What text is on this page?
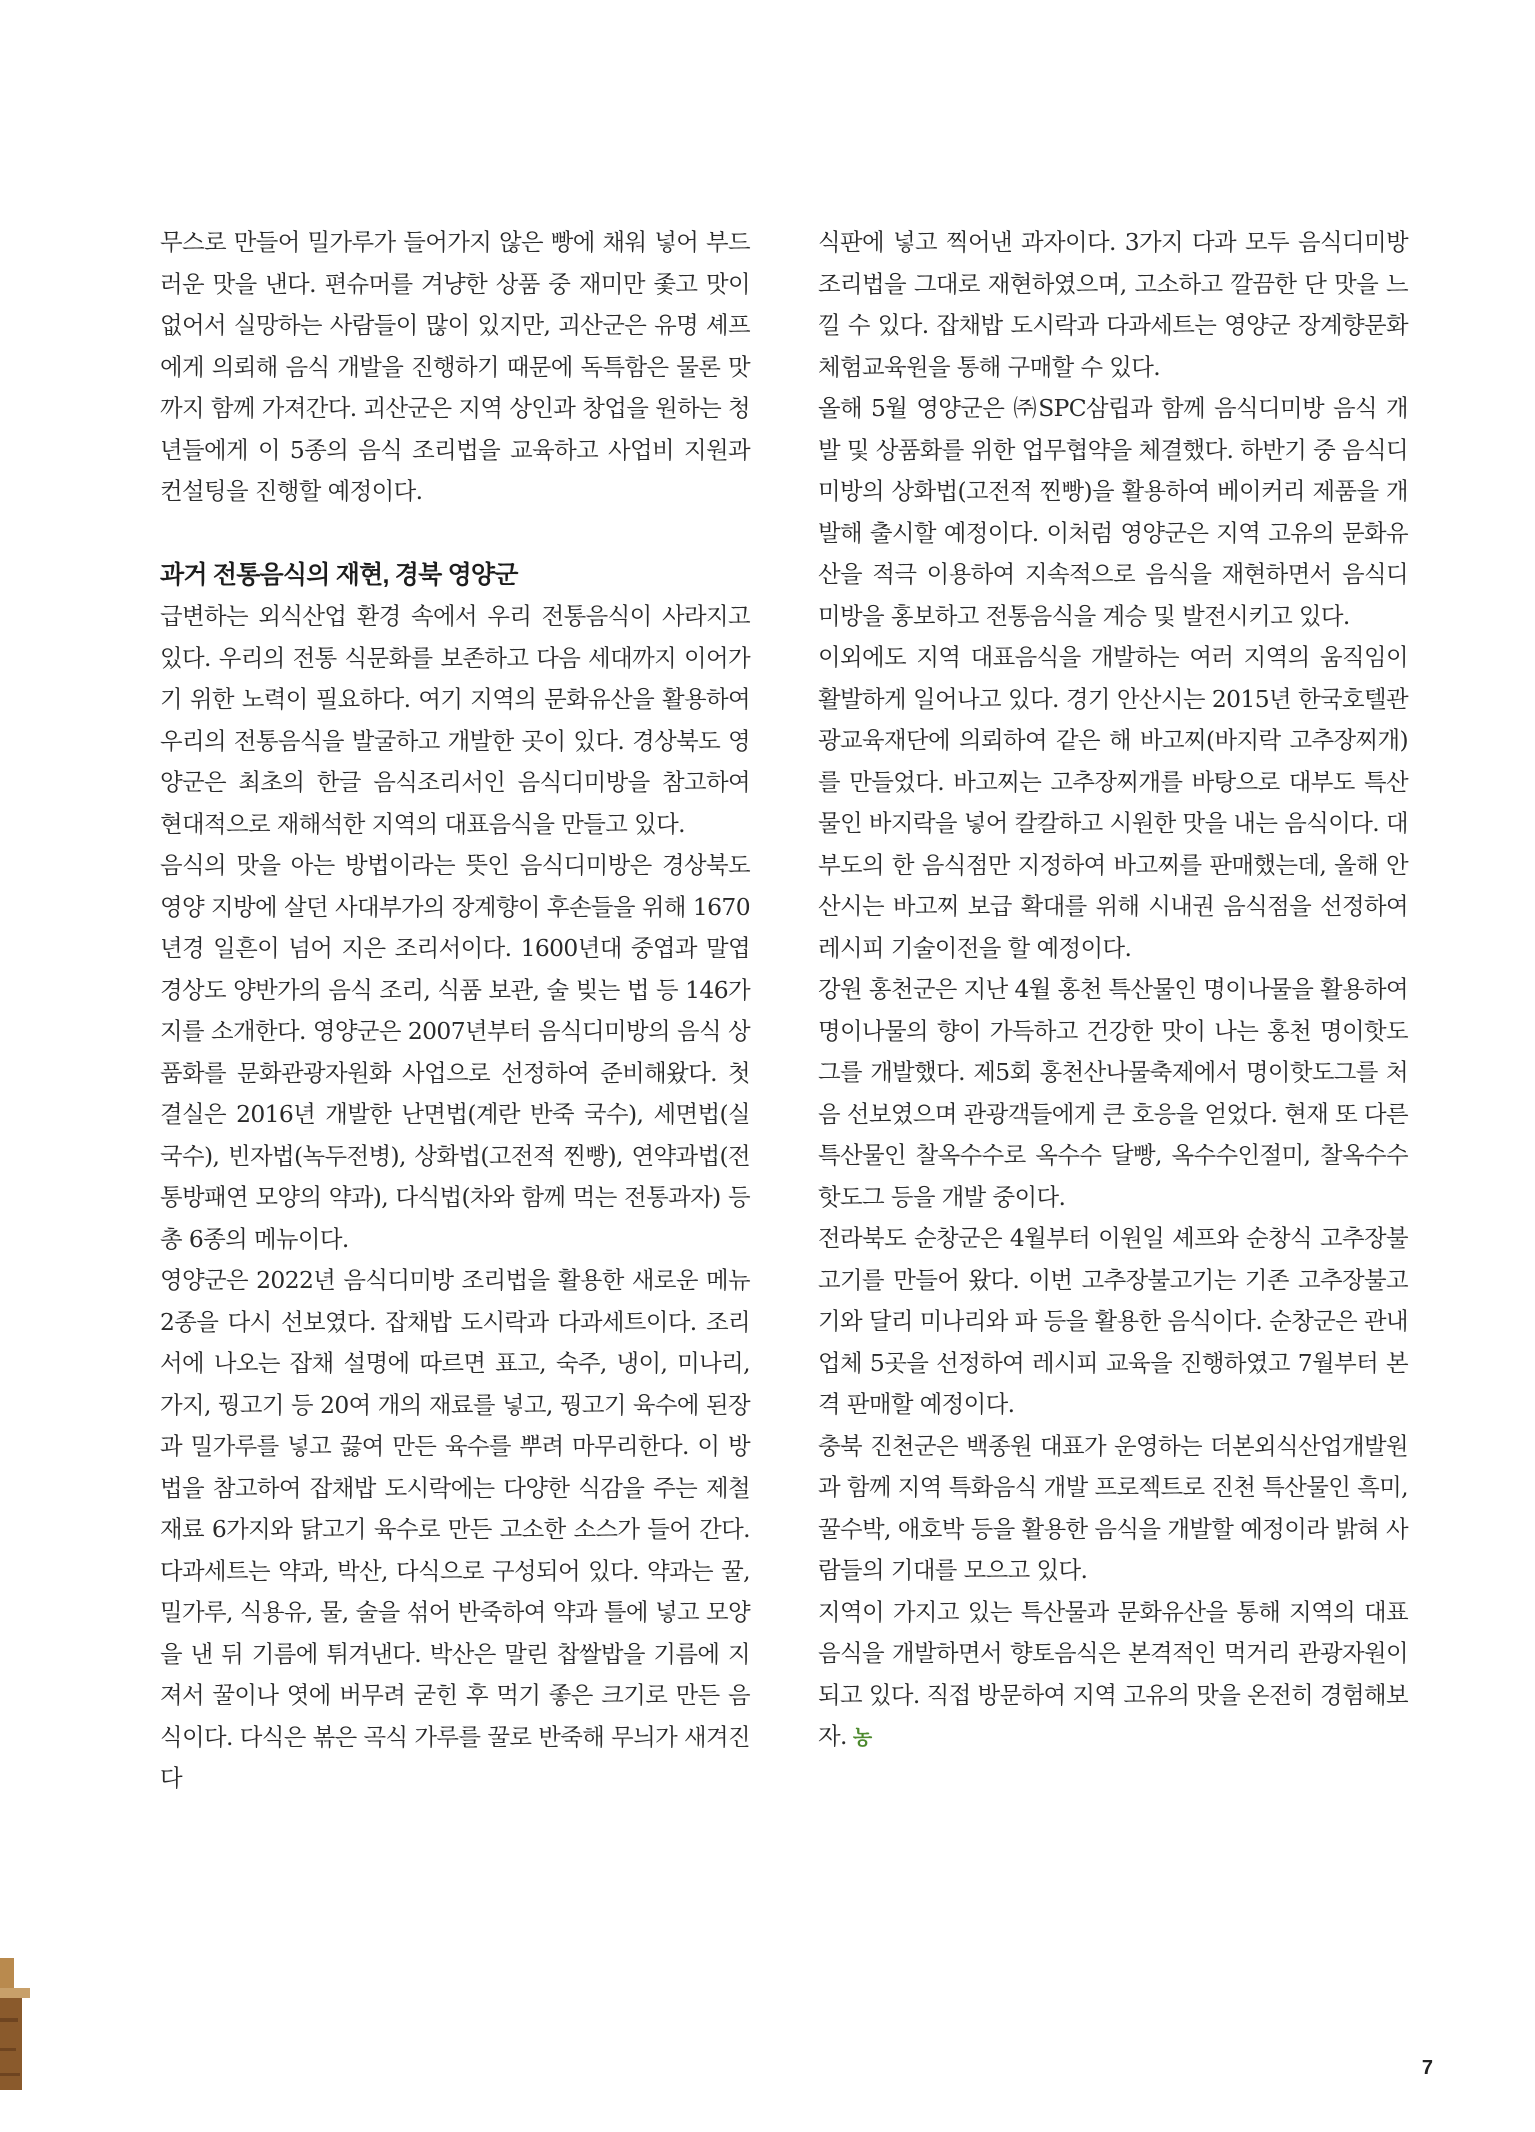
무스로 만들어 밀가루가 들어가지 않은 빵에 채워 넣어 부드러운 맛을 낸다. 편슈머를 겨냥한 상품 중 재미만 좇고 맛이 없어서 실망하는 사람들이 많이 있지만, 괴산군은 유명 셰프에게 의뢰해 음식 개발을 진행하기 때문에 독특함은 물론 맛까지 함께 가져간다. 괴산군은 지역 상인과 창업을 원하는 청년들에게 이 5종의 음식 조리법을 교육하고 사업비 지원과 컨설팅을 진행할 예정이다.

과거 전통음식의 재현, 경북 영양군

급변하는 외식산업 환경 속에서 우리 전통음식이 사라지고 있다. 우리의 전통 식문화를 보존하고 다음 세대까지 이어가기 위한 노력이 필요하다. 여기 지역의 문화유산을 활용하여 우리의 전통음식을 발굴하고 개발한 곳이 있다. 경상북도 영양군은 최초의 한글 음식조리서인 음식디미방을 참고하여 현대적으로 재해석한 지역의 대표음식을 만들고 있다.

음식의 맛을 아는 방법이라는 뜻인 음식디미방은 경상북도 영양 지방에 살던 사대부가의 장계향이 후손들을 위해 1670년경 일흔이 넘어 지은 조리서이다. 1600년대 중엽과 말엽 경상도 양반가의 음식 조리, 식품 보관, 술 빚는 법 등 146가지를 소개한다. 영양군은 2007년부터 음식디미방의 음식 상품화를 문화관광자원화 사업으로 선정하여 준비해왔다. 첫 결실은 2016년 개발한 난면법(계란 반죽 국수), 세면법(실국수), 빈자법(녹두전병), 상화법(고전적 찐빵), 연약과법(전통방패연 모양의 약과), 다식법(차와 함께 먹는 전통과자) 등 총 6종의 메뉴이다.

영양군은 2022년 음식디미방 조리법을 활용한 새로운 메뉴 2종을 다시 선보였다. 잡채밥 도시락과 다과세트이다. 조리서에 나오는 잡채 설명에 따르면 표고, 숙주, 냉이, 미나리, 가지, 꿩고기 등 20여 개의 재료를 넣고, 꿩고기 육수에 된장과 밀가루를 넣고 끓여 만든 육수를 뿌려 마무리한다. 이 방법을 참고하여 잡채밥 도시락에는 다양한 식감을 주는 제철 재료 6가지와 닭고기 육수로 만든 고소한 소스가 들어 간다. 다과세트는 약과, 박산, 다식으로 구성되어 있다. 약과는 꿀, 밀가루, 식용유, 물, 술을 섞어 반죽하여 약과 틀에 넣고 모양을 낸 뒤 기름에 튀겨낸다. 박산은 말린 찹쌀밥을 기름에 지져서 꿀이나 엿에 버무려 굳힌 후 먹기 좋은 크기로 만든 음식이다. 다식은 볶은 곡식 가루를 꿀로 반죽해 무늬가 새겨진 다

식판에 넣고 찍어낸 과자이다. 3가지 다과 모두 음식디미방 조리법을 그대로 재현하였으며, 고소하고 깔끔한 단 맛을 느낄 수 있다. 잡채밥 도시락과 다과세트는 영양군 장계향문화체험교육원을 통해 구매할 수 있다.

올해 5월 영양군은 ㈜SPC삼립과 함께 음식디미방 음식 개발 및 상품화를 위한 업무협약을 체결했다. 하반기 중 음식디미방의 상화법(고전적 찐빵)을 활용하여 베이커리 제품을 개발해 출시할 예정이다. 이처럼 영양군은 지역 고유의 문화유산을 적극 이용하여 지속적으로 음식을 재현하면서 음식디미방을 홍보하고 전통음식을 계승 및 발전시키고 있다.

이외에도 지역 대표음식을 개발하는 여러 지역의 움직임이 활발하게 일어나고 있다. 경기 안산시는 2015년 한국호텔관광교육재단에 의뢰하여 같은 해 바고찌(바지락 고추장찌개)를 만들었다. 바고찌는 고추장찌개를 바탕으로 대부도 특산물인 바지락을 넣어 칼칼하고 시원한 맛을 내는 음식이다. 대부도의 한 음식점만 지정하여 바고찌를 판매했는데, 올해 안산시는 바고찌 보급 확대를 위해 시내권 음식점을 선정하여 레시피 기술이전을 할 예정이다.

강원 홍천군은 지난 4월 홍천 특산물인 명이나물을 활용하여 명이나물의 향이 가득하고 건강한 맛이 나는 홍천 명이핫도그를 개발했다. 제5회 홍천산나물축제에서 명이핫도그를 처음 선보였으며 관광객들에게 큰 호응을 얻었다. 현재 또 다른 특산물인 찰옥수수로 옥수수 달빵, 옥수수인절미, 찰옥수수핫도그 등을 개발 중이다.

전라북도 순창군은 4월부터 이원일 셰프와 순창식 고추장불고기를 만들어 왔다. 이번 고추장불고기는 기존 고추장불고기와 달리 미나리와 파 등을 활용한 음식이다. 순창군은 관내 업체 5곳을 선정하여 레시피 교육을 진행하였고 7월부터 본격 판매할 예정이다.

충북 진천군은 백종원 대표가 운영하는 더본외식산업개발원과 함께 지역 특화음식 개발 프로젝트로 진천 특산물인 흑미, 꿀수박, 애호박 등을 활용한 음식을 개발할 예정이라 밝혀 사람들의 기대를 모으고 있다.

지역이 가지고 있는 특산물과 문화유산을 통해 지역의 대표음식을 개발하면서 향토음식은 본격적인 먹거리 관광자원이 되고 있다. 직접 방문하여 지역 고유의 맛을 온전히 경험해보자. 농

7
